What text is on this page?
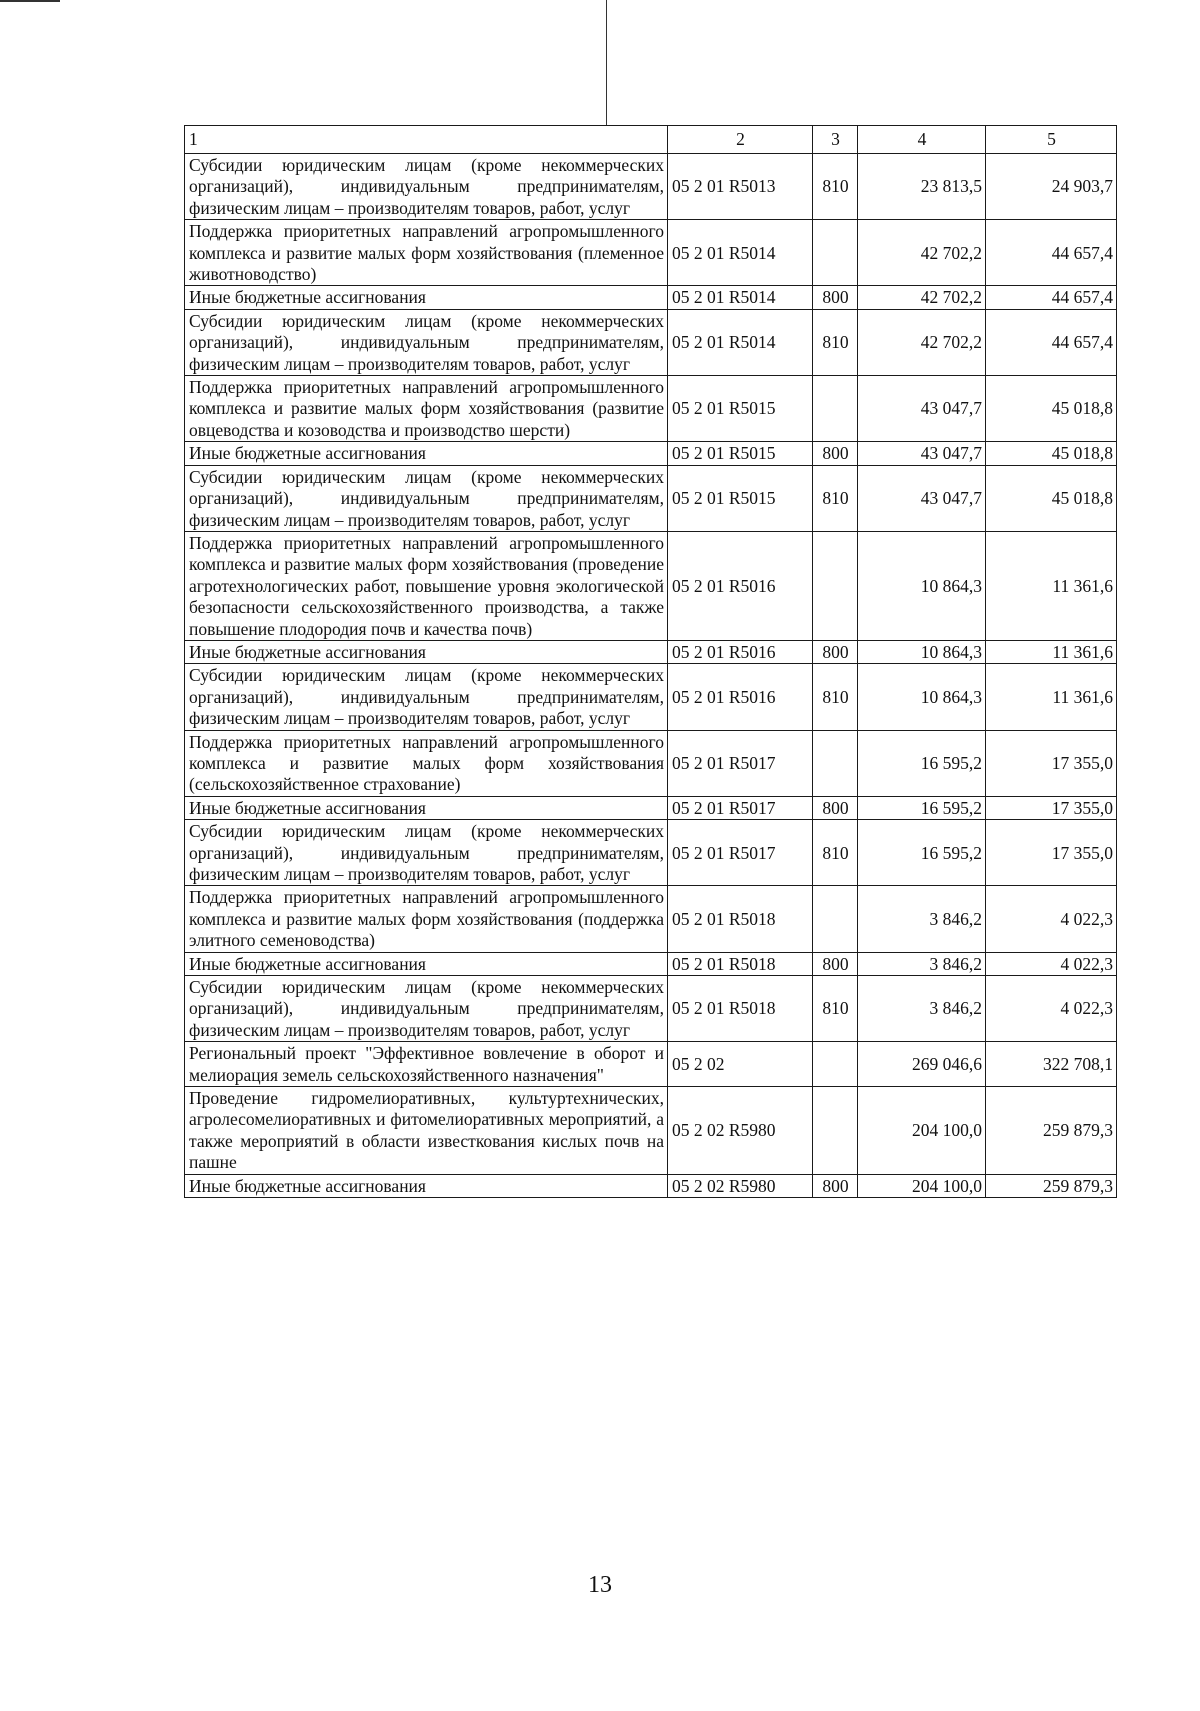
1	2	3	4	5
Субсидии юридическим лицам (кроме некоммерческих организаций), индивидуальным предпринимателям, физическим лицам – производителям товаров, работ, услуг	05 2 01 R5013	810	23 813,5	24 903,7
Поддержка приоритетных направлений агропромышленного комплекса и развитие малых форм хозяйствования (племенное животноводство)	05 2 01 R5014		42 702,2	44 657,4
Иные бюджетные ассигнования	05 2 01 R5014	800	42 702,2	44 657,4
Субсидии юридическим лицам (кроме некоммерческих организаций), индивидуальным предпринимателям, физическим лицам – производителям товаров, работ, услуг	05 2 01 R5014	810	42 702,2	44 657,4
Поддержка приоритетных направлений агропромышленного комплекса и развитие малых форм хозяйствования (развитие овцеводства и козоводства и производство шерсти)	05 2 01 R5015		43 047,7	45 018,8
Иные бюджетные ассигнования	05 2 01 R5015	800	43 047,7	45 018,8
Субсидии юридическим лицам (кроме некоммерческих организаций), индивидуальным предпринимателям, физическим лицам – производителям товаров, работ, услуг	05 2 01 R5015	810	43 047,7	45 018,8
Поддержка приоритетных направлений агропромышленного комплекса и развитие малых форм хозяйствования (проведение агротехнологических работ, повышение уровня экологической безопасности сельскохозяйственного производства, а также повышение плодородия почв и качества почв)	05 2 01 R5016		10 864,3	11 361,6
Иные бюджетные ассигнования	05 2 01 R5016	800	10 864,3	11 361,6
Субсидии юридическим лицам (кроме некоммерческих организаций), индивидуальным предпринимателям, физическим лицам – производителям товаров, работ, услуг	05 2 01 R5016	810	10 864,3	11 361,6
Поддержка приоритетных направлений агропромышленного комплекса и развитие малых форм хозяйствования (сельскохозяйственное страхование)	05 2 01 R5017		16 595,2	17 355,0
Иные бюджетные ассигнования	05 2 01 R5017	800	16 595,2	17 355,0
Субсидии юридическим лицам (кроме некоммерческих организаций), индивидуальным предпринимателям, физическим лицам – производителям товаров, работ, услуг	05 2 01 R5017	810	16 595,2	17 355,0
Поддержка приоритетных направлений агропромышленного комплекса и развитие малых форм хозяйствования (поддержка элитного семеноводства)	05 2 01 R5018		3 846,2	4 022,3
Иные бюджетные ассигнования	05 2 01 R5018	800	3 846,2	4 022,3
Субсидии юридическим лицам (кроме некоммерческих организаций), индивидуальным предпринимателям, физическим лицам – производителям товаров, работ, услуг	05 2 01 R5018	810	3 846,2	4 022,3
Региональный проект "Эффективное вовлечение в оборот и мелиорация земель сельскохозяйственного назначения"	05 2 02		269 046,6	322 708,1
Проведение гидромелиоративных, культуртехнических, агролесомелиоративных и фитомелиоративных мероприятий, а также мероприятий в области известкования кислых почв на пашне	05 2 02 R5980		204 100,0	259 879,3
Иные бюджетные ассигнования	05 2 02 R5980	800	204 100,0	259 879,3
13
